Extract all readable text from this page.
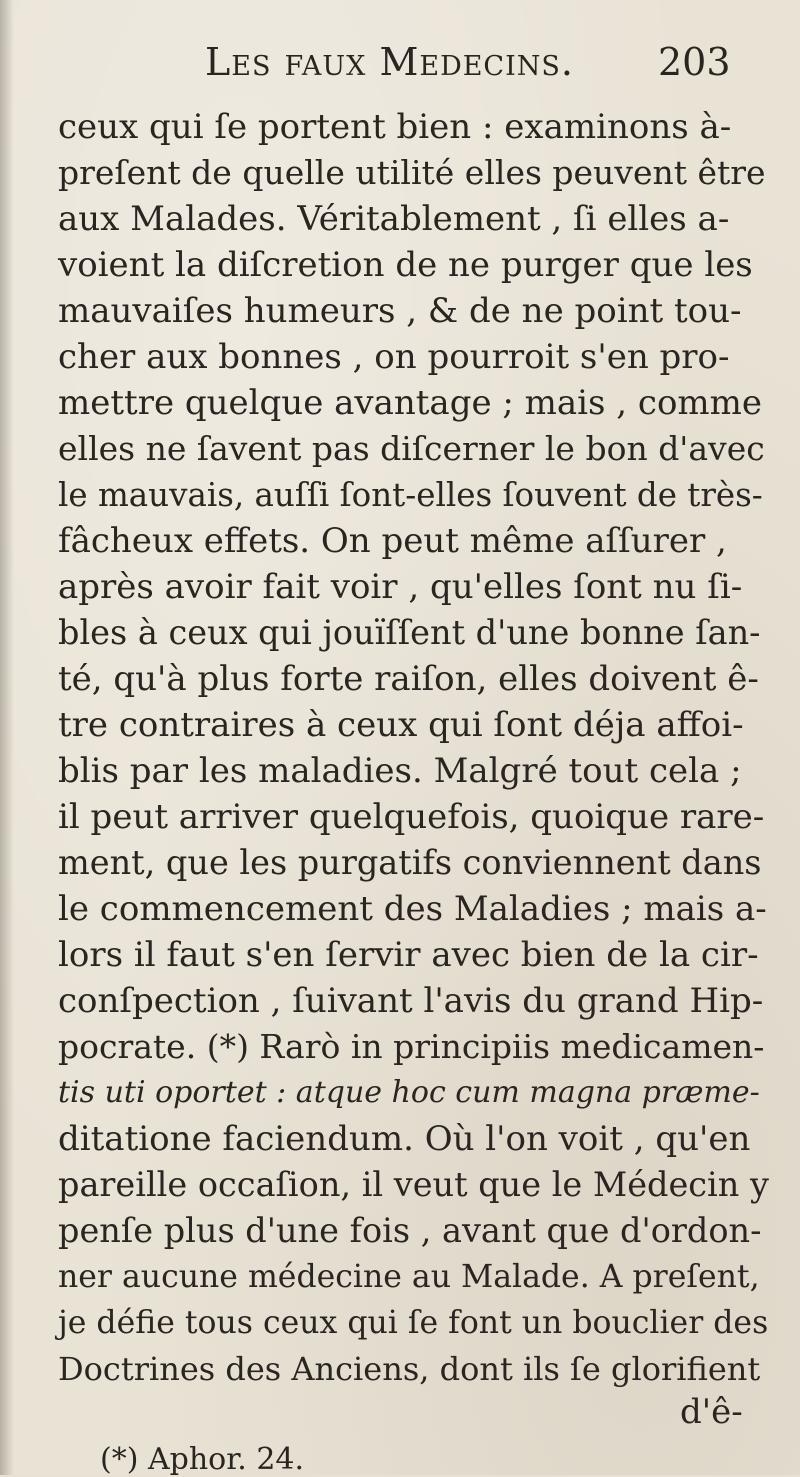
Les faux Medecins. 203
ceux qui ſe portent bien : examinons à-
preſent de quelle utilité elles peuvent être
aux Malades. Véritablement , ſi elles a-
voient la diſcretion de ne purger que les
mauvaiſes humeurs , & de ne point tou-
cher aux bonnes , on pourroit s'en pro-
mettre quelque avantage ; mais , comme
elles ne ſavent pas diſcerner le bon d'avec
le mauvais, auſſi ſont-elles ſouvent de très-
fâcheux effets. On peut même aſſurer ,
après avoir fait voir , qu'elles ſont nu ſi-
bles à ceux qui jouïſſent d'une bonne ſan-
té, qu'à plus forte raiſon, elles doivent ê-
tre contraires à ceux qui ſont déja affoi-
blis par les maladies. Malgré tout cela ;
il peut arriver quelquefois, quoique rare-
ment, que les purgatifs conviennent dans
le commencement des Maladies ; mais a-
lors il faut s'en ſervir avec bien de la cir-
conſpection , ſuivant l'avis du grand Hip-
pocrate. (*) Rarò in principiis medicamen-
tis uti oportet : atque hoc cum magna præme-
ditatione faciendum. Où l'on voit , qu'en
pareille occaſion, il veut que le Médecin y
penſe plus d'une fois , avant que d'ordon-
ner aucune médecine au Malade. A preſent,
je défie tous ceux qui ſe font un bouclier des
Doctrines des Anciens, dont ils ſe glorifient
d'ê-
(*) Aphor. 24.
